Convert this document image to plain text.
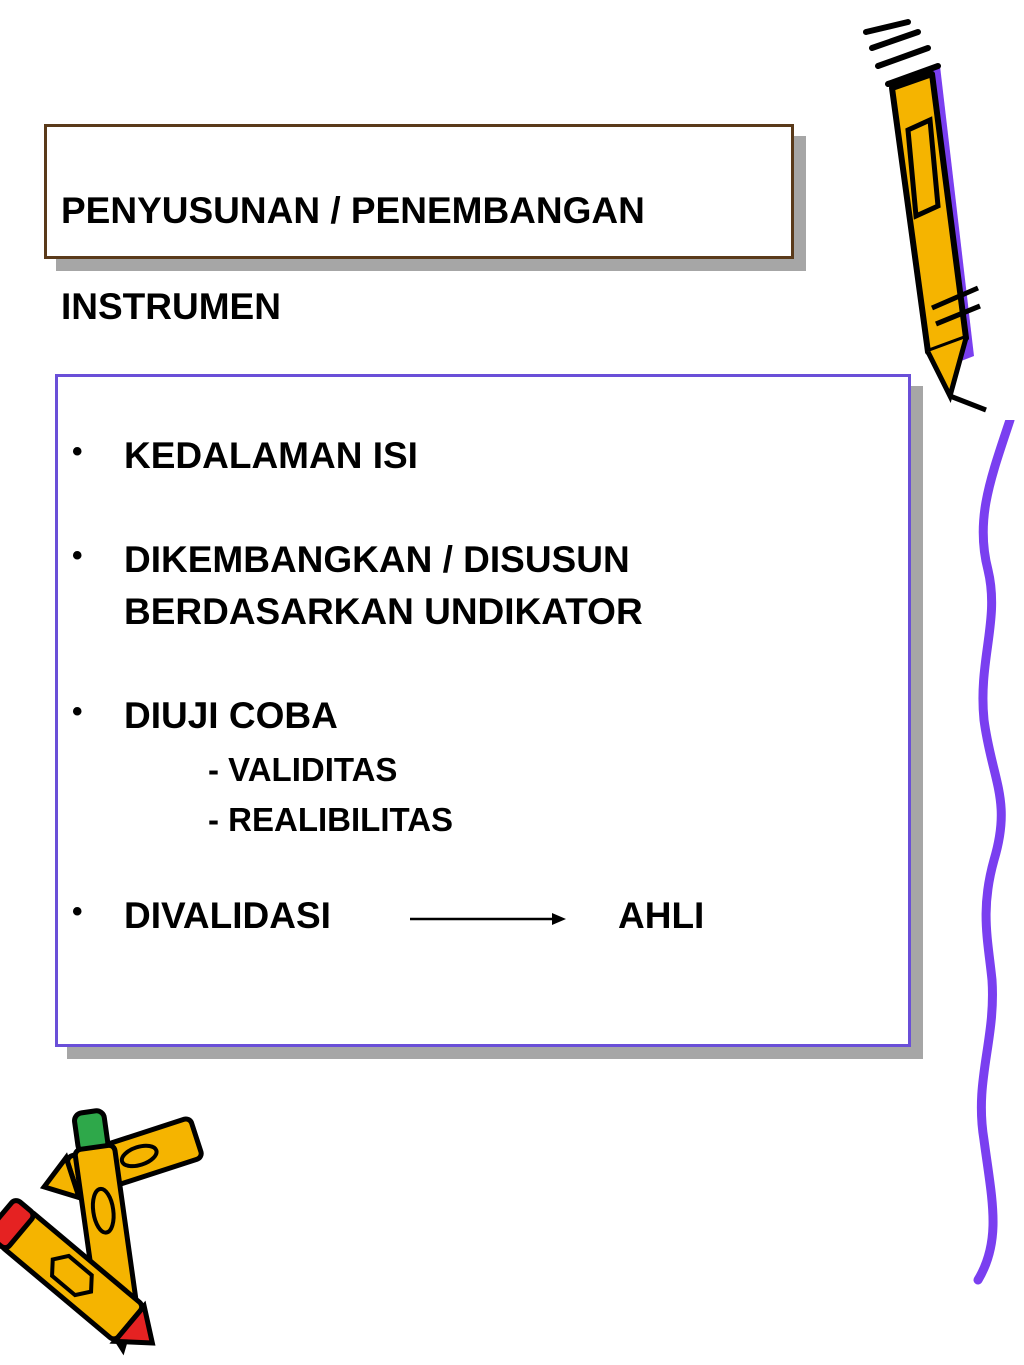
PENYUSUNAN / PENEMBANGAN

INSTRUMEN

• KEDALAMAN ISI
• DIKEMBANGKAN / DISUSUN
BERDASARKAN UNDIKATOR
• DIUJI COBA
- VALIDITAS
- REALIBILITAS
• DIVALIDASI	AHLI
